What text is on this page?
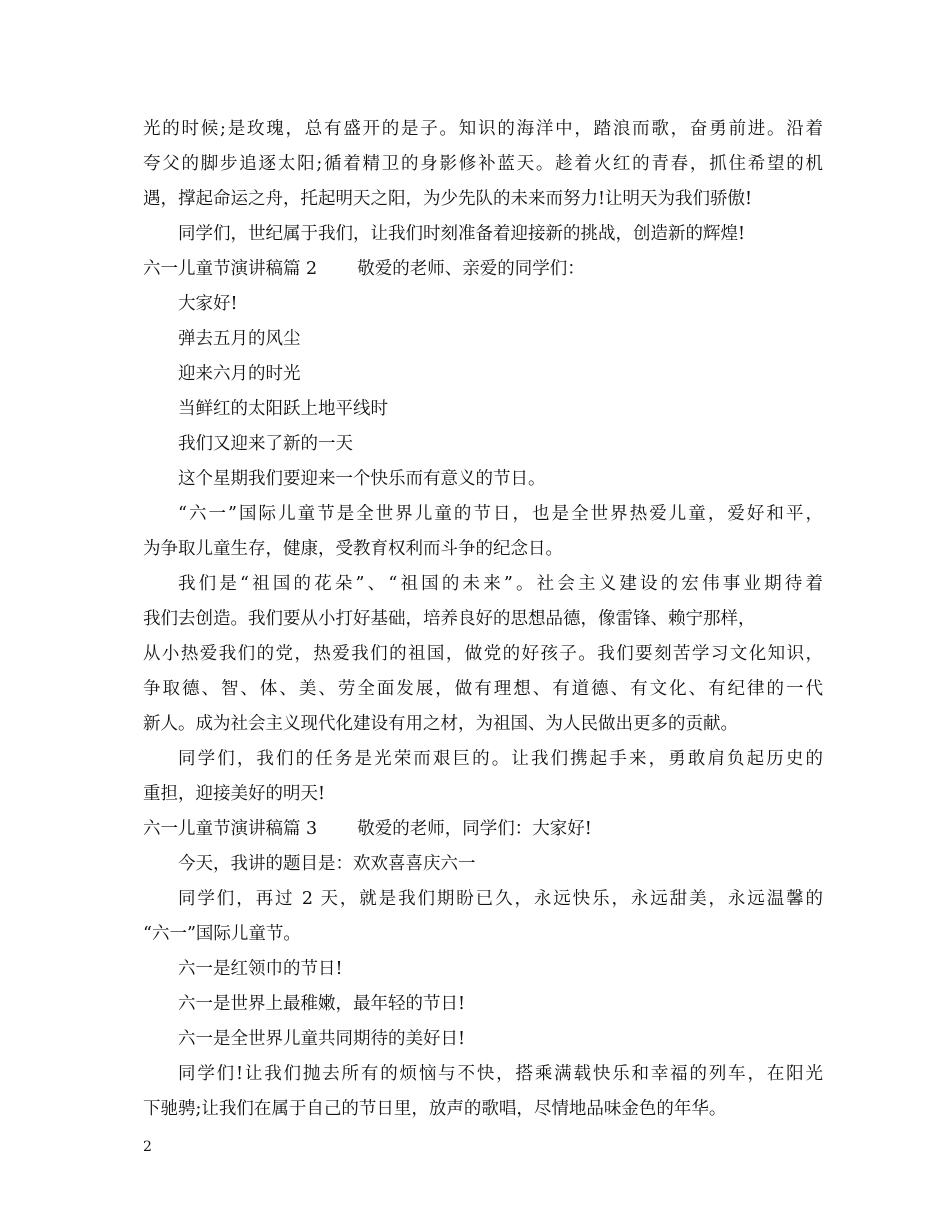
光的时候;是玫瑰，总有盛开的是子。知识的海洋中，踏浪而歌，奋勇前进。沿着
夸父的脚步追逐太阳;循着精卫的身影修补蓝天。趁着火红的青春，抓住希望的机
遇，撑起命运之舟，托起明天之阳，为少先队的未来而努力!让明天为我们骄傲!
同学们，世纪属于我们，让我们时刻准备着迎接新的挑战，创造新的辉煌!
六一儿童节演讲稿篇 2 敬爱的老师、亲爱的同学们：
大家好!
弹去五月的风尘
迎来六月的时光
当鲜红的太阳跃上地平线时
我们又迎来了新的一天
这个星期我们要迎来一个快乐而有意义的节日。
“六一”国际儿童节是全世界儿童的节日，也是全世界热爱儿童，爱好和平，
为争取儿童生存，健康，受教育权利而斗争的纪念日。
我们是“祖国的花朵”、“祖国的未来”。社会主义建设的宏伟事业期待着
我们去创造。我们要从小打好基础，培养良好的思想品德，像雷锋、赖宁那样，
从小热爱我们的党，热爱我们的祖国，做党的好孩子。我们要刻苦学习文化知识，
争取德、智、体、美、劳全面发展，做有理想、有道德、有文化、有纪律的一代
新人。成为社会主义现代化建设有用之材，为祖国、为人民做出更多的贡献。
同学们，我们的任务是光荣而艰巨的。让我们携起手来，勇敢肩负起历史的
重担，迎接美好的明天!
六一儿童节演讲稿篇 3 敬爱的老师，同学们：大家好!
今天，我讲的题目是：欢欢喜喜庆六一
同学们，再过 2 天，就是我们期盼已久，永远快乐，永远甜美，永远温馨的
“六一”国际儿童节。
六一是红领巾的节日!
六一是世界上最稚嫩，最年轻的节日!
六一是全世界儿童共同期待的美好日!
同学们!让我们抛去所有的烦恼与不快，搭乘满载快乐和幸福的列车，在阳光
下驰骋;让我们在属于自己的节日里，放声的歌唱，尽情地品味金色的年华。
2
